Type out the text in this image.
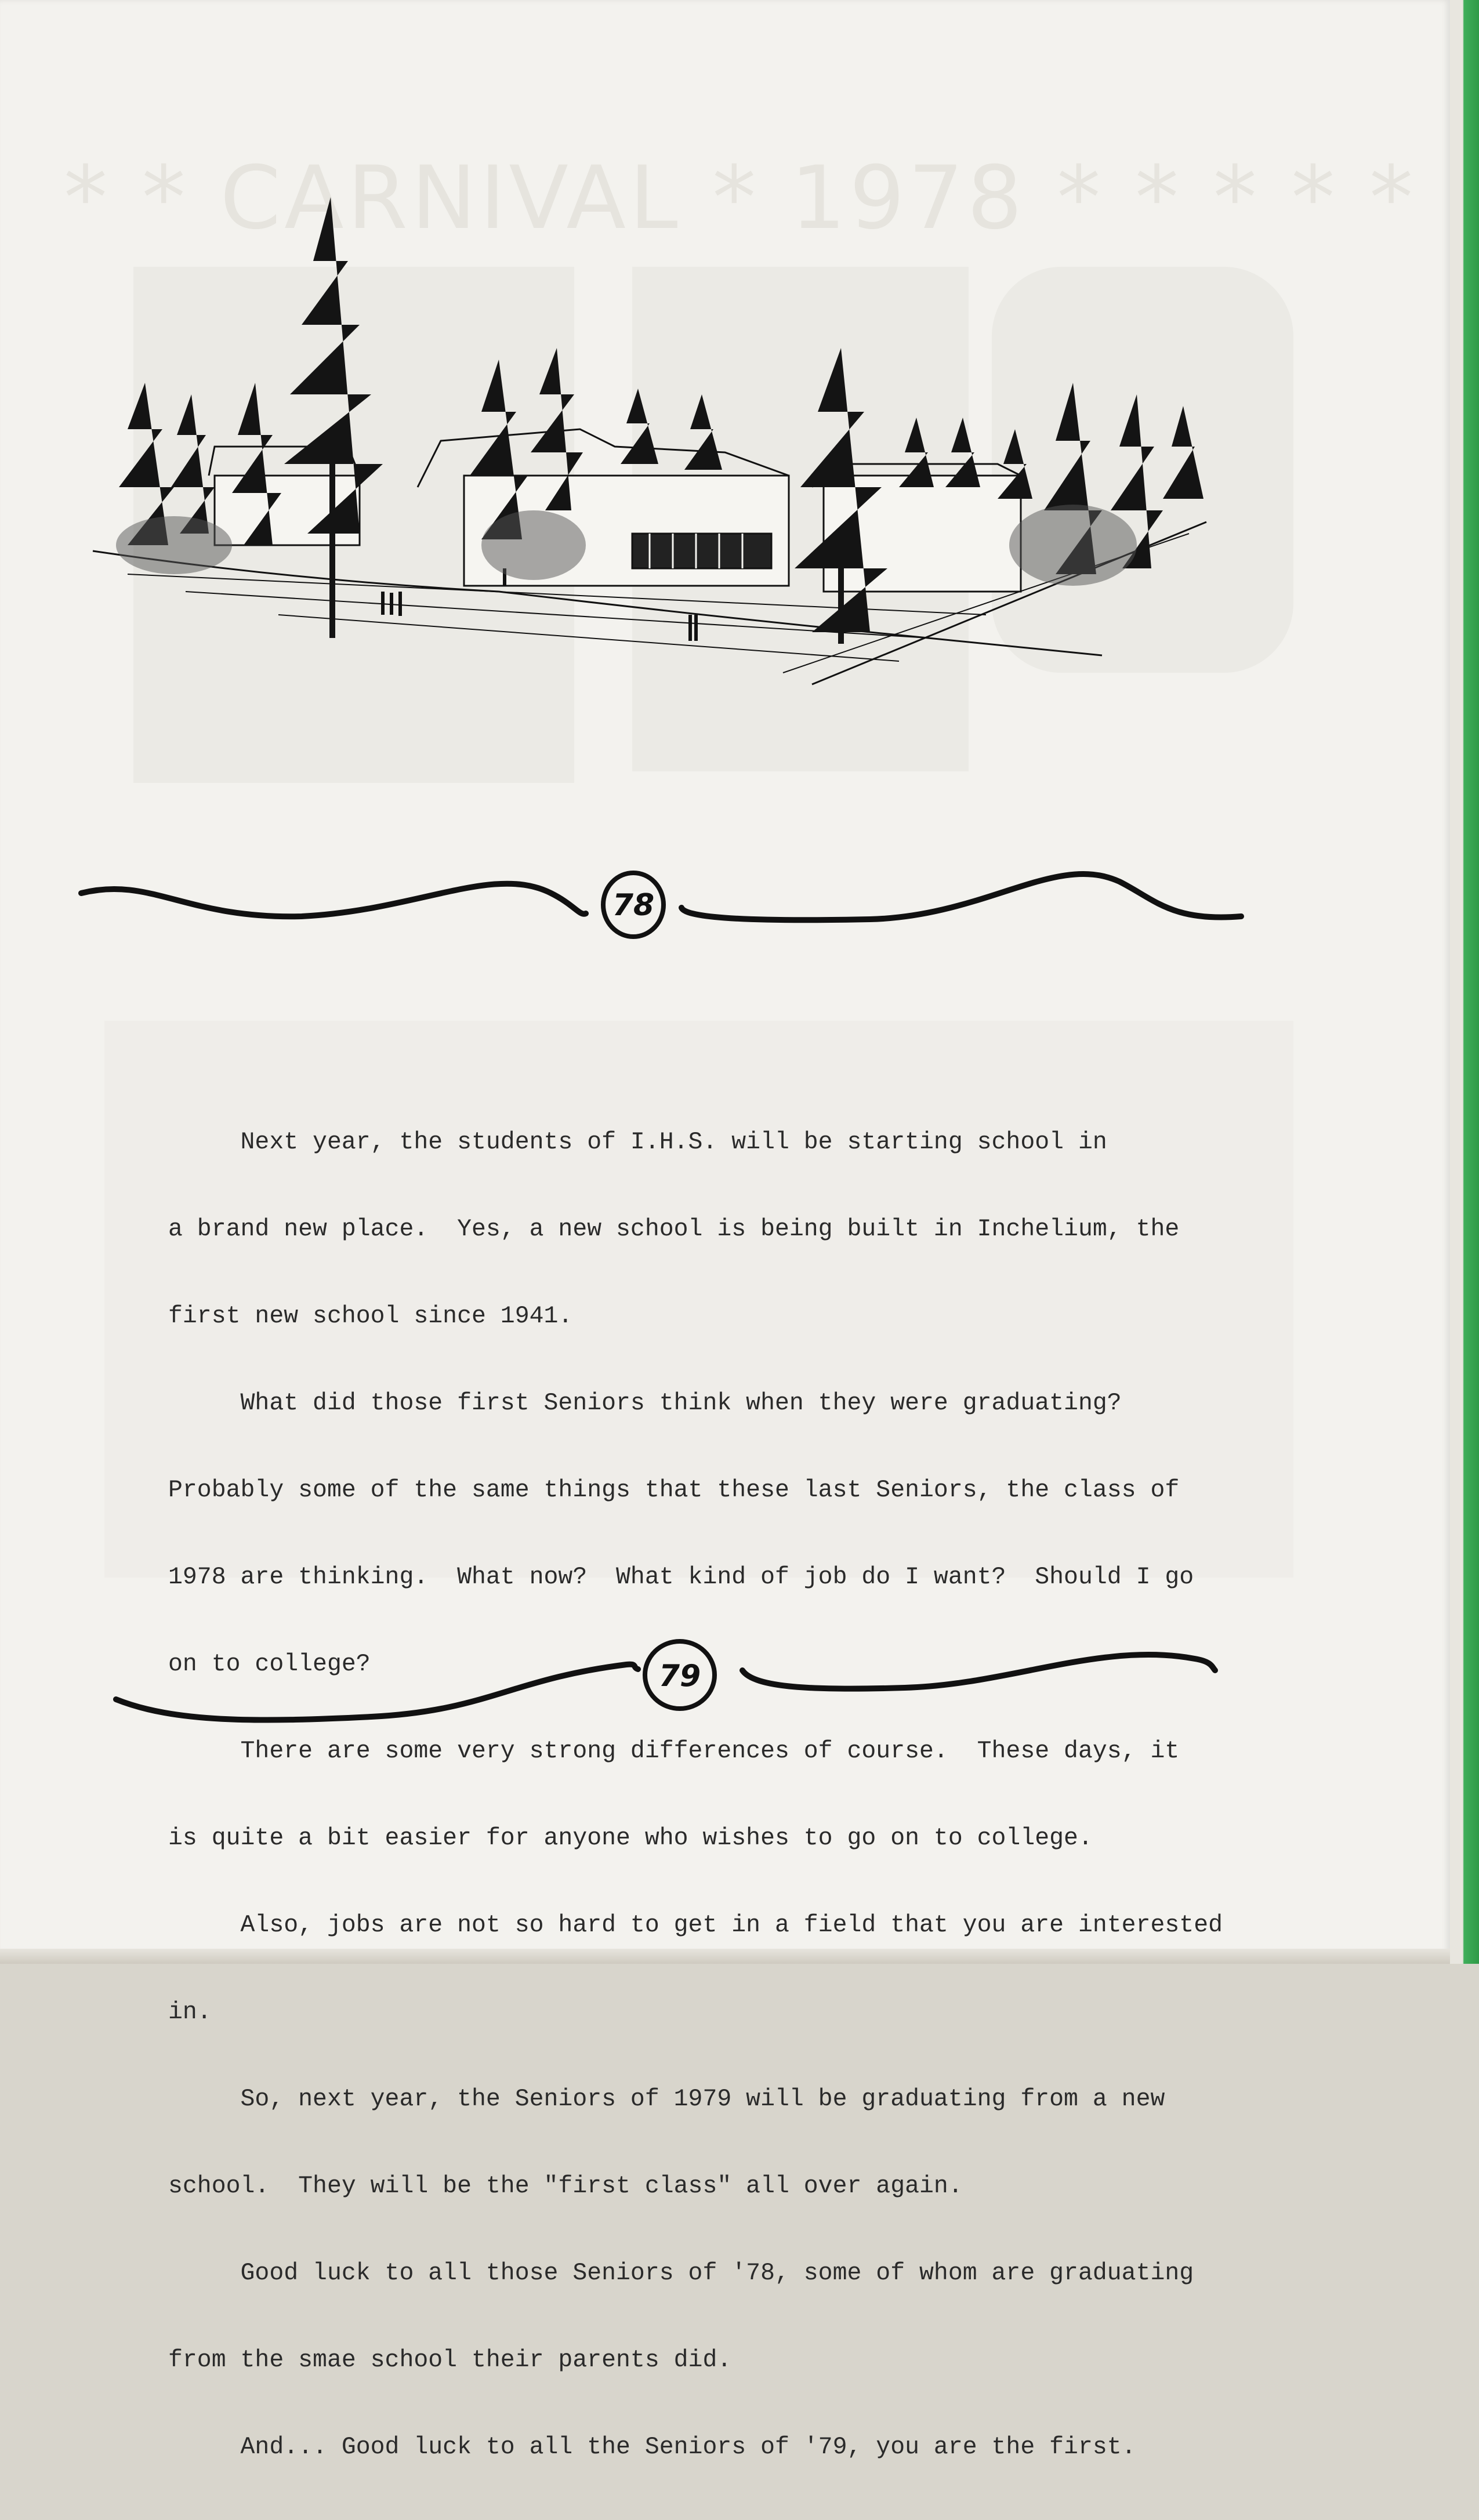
* * CARNIVAL * 1978 * * * * *
78

Next year, the students of I.H.S. will be starting school in

a brand new place.  Yes, a new school is being built in Inchelium, the

first new school since 1941.

What did those first Seniors think when they were graduating?

Probably some of the same things that these last Seniors, the class of

1978 are thinking.  What now?  What kind of job do I want?  Should I go

on to college?

There are some very strong differences of course.  These days, it

is quite a bit easier for anyone who wishes to go on to college.

Also, jobs are not so hard to get in a field that you are interested

in.

So, next year, the Seniors of 1979 will be graduating from a new

school.  They will be the "first class" all over again.

Good luck to all those Seniors of '78, some of whom are graduating

from the smae school their parents did.

And... Good luck to all the Seniors of '79, you are the first.

79
